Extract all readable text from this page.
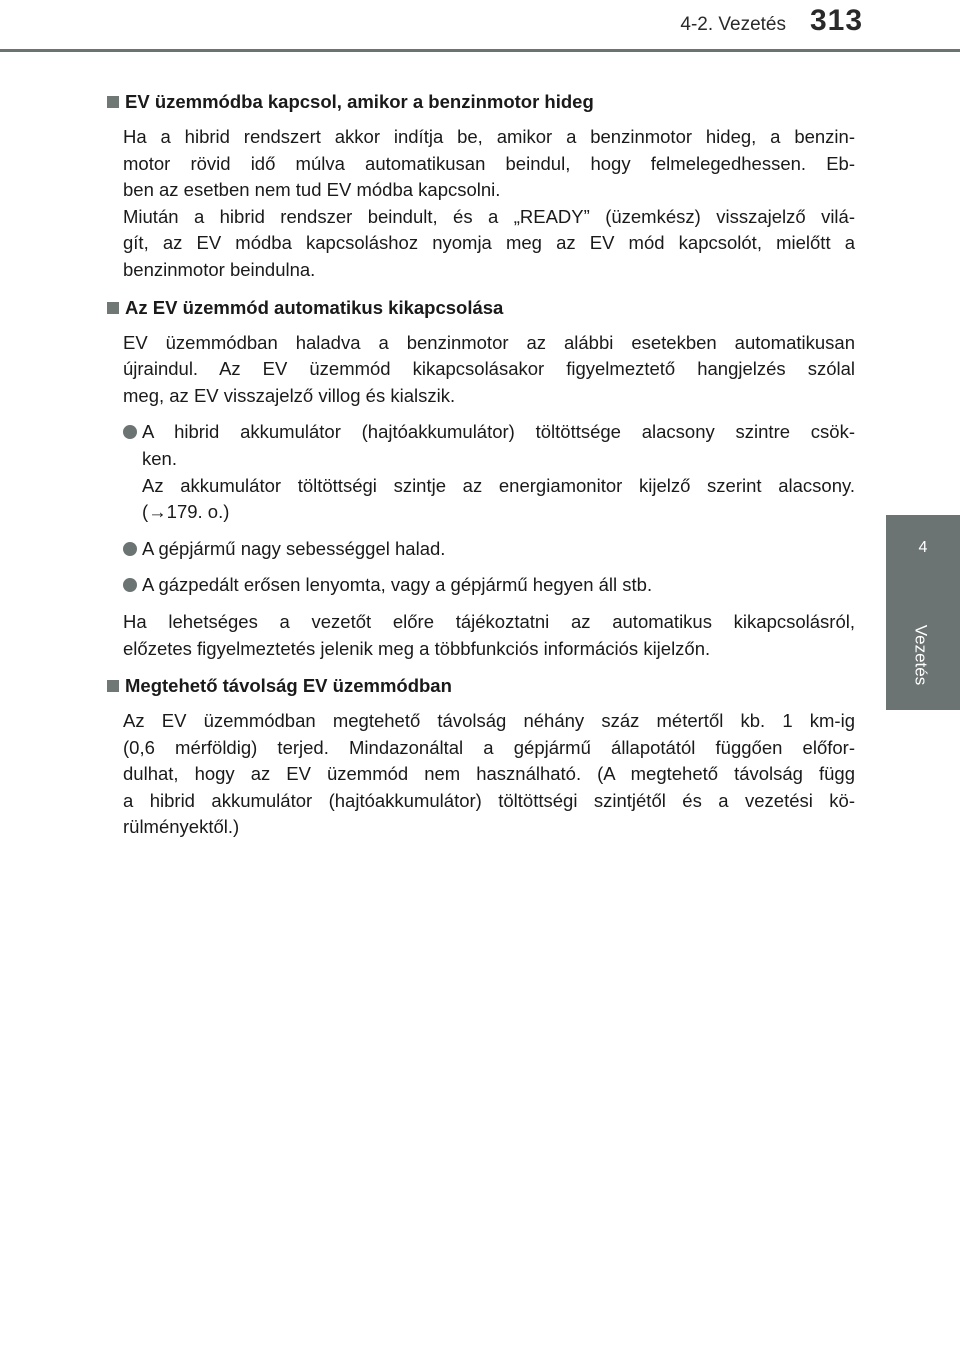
4-2. Vezetés 313
4
Vezetés
EV üzemmódba kapcsol, amikor a benzinmotor hideg
Ha a hibrid rendszert akkor indítja be, amikor a benzinmotor hideg, a benzin-
motor rövid idő múlva automatikusan beindul, hogy felmelegedhessen. Eb-
ben az esetben nem tud EV módba kapcsolni.
Miután a hibrid rendszer beindult, és a „READY” (üzemkész) visszajelző vilá-
gít, az EV módba kapcsoláshoz nyomja meg az EV mód kapcsolót, mielőtt a
benzinmotor beindulna.
Az EV üzemmód automatikus kikapcsolása
EV üzemmódban haladva a benzinmotor az alábbi esetekben automatikusan
újraindul. Az EV üzemmód kikapcsolásakor figyelmeztető hangjelzés szólal
meg, az EV visszajelző villog és kialszik.
A hibrid akkumulátor (hajtóakkumulátor) töltöttsége alacsony szintre csök-
ken.
Az akkumulátor töltöttségi szintje az energiamonitor kijelző szerint alacsony.
(→179. o.)
A gépjármű nagy sebességgel halad.
A gázpedált erősen lenyomta, vagy a gépjármű hegyen áll stb.
Ha lehetséges a vezetőt előre tájékoztatni az automatikus kikapcsolásról,
előzetes figyelmeztetés jelenik meg a többfunkciós információs kijelzőn.
Megtehető távolság EV üzemmódban
Az EV üzemmódban megtehető távolság néhány száz métertől kb. 1 km-ig
(0,6 mérföldig) terjed. Mindazonáltal a gépjármű állapotától függően előfor-
dulhat, hogy az EV üzemmód nem használható. (A megtehető távolság függ
a hibrid akkumulátor (hajtóakkumulátor) töltöttségi szintjétől és a vezetési kö-
rülményektől.)
